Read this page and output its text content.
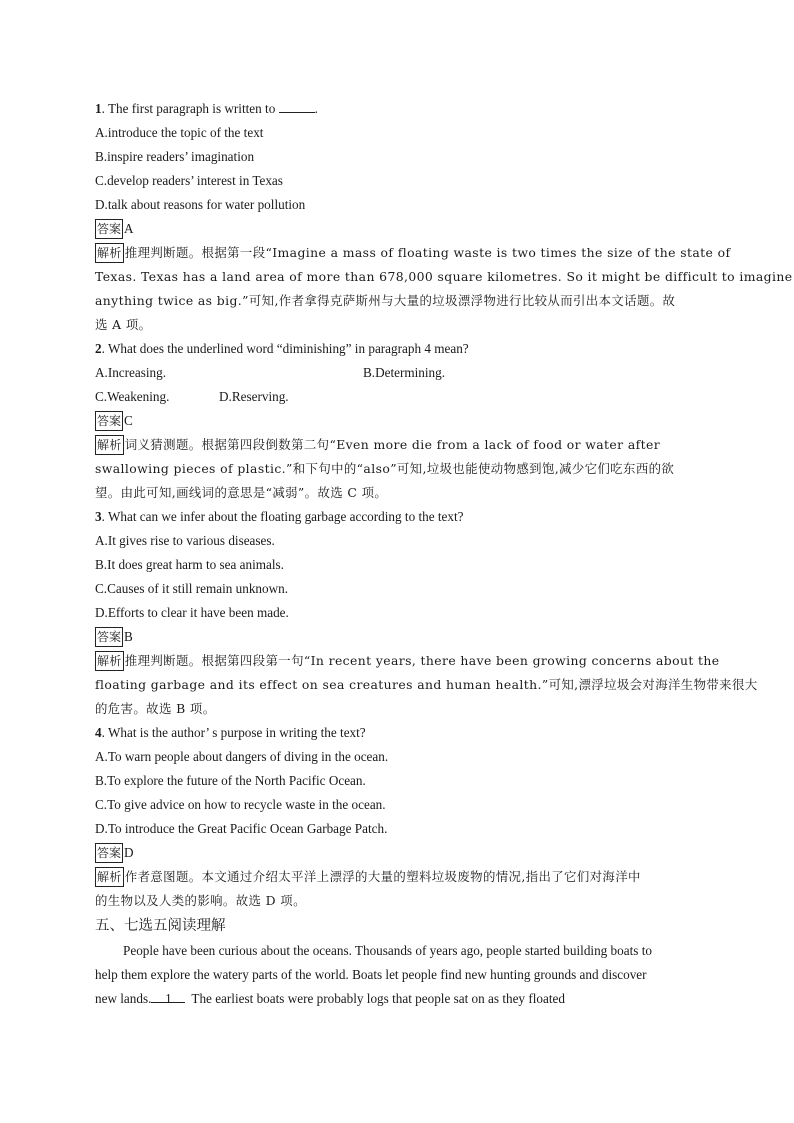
1. The first paragraph is written to	.
A.introduce the topic of the text
B.inspire readers’ imagination
C.develop readers’ interest in Texas
D.talk about reasons for water pollution
答案 A
解析 推理判断题。根据第一段“Imagine a mass of floating waste is two times the size of the state of
Texas. Texas has a land area of more than 678,000 square kilometres. So it might be difficult to imagine
anything twice as big.”可知,作者拿得克萨斯州与大量的垃圾漂浮物进行比较从而引出本文话题。故
选 A 项。
2. What does the underlined word “diminishing” in paragraph 4 mean?
A.Increasing.	B.Determining.
C.Weakening.	D.Reserving.
答案 C
解析 词义猜测题。根据第四段倒数第二句“Even more die from a lack of food or water after
swallowing pieces of plastic.”和下句中的“also”可知,垃圾也能使动物感到饱,减少它们吃东西的欲
望。由此可知,画线词的意思是“减弱”。故选 C 项。
3. What can we infer about the floating garbage according to the text?
A.It gives rise to various diseases.
B.It does great harm to sea animals.
C.Causes of it still remain unknown.
D.Efforts to clear it have been made.
答案 B
解析 推理判断题。根据第四段第一句“In recent years, there have been growing concerns about the
floating garbage and its effect on sea creatures and human health.”可知,漂浮垃圾会对海洋生物带来很大
的危害。故选 B 项。
4. What is the author’ s purpose in writing the text?
A.To warn people about dangers of diving in the ocean.
B.To explore the future of the North Pacific Ocean.
C.To give advice on how to recycle waste in the ocean.
D.To introduce the Great Pacific Ocean Garbage Patch.
答案 D
解析 作者意图题。本文通过介绍太平洋上漂浮的大量的塑料垃圾废物的情况,指出了它们对海洋中
的生物以及人类的影响。故选 D 项。
五、七选五阅读理解
People have been curious about the oceans. Thousands of years ago, people started building boats to
help them explore the watery parts of the world. Boats let people find new hunting grounds and discover
new lands. 1 The earliest boats were probably logs that people sat on as they floated
